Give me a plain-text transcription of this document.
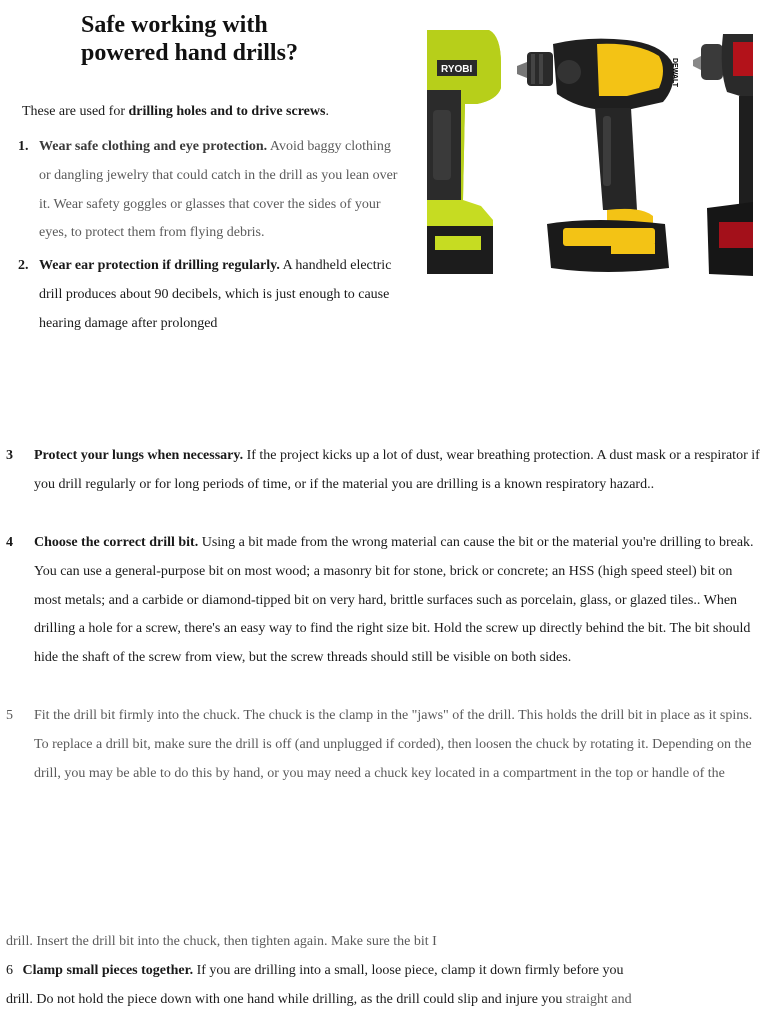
Safe working with
powered hand drills?
These are used for drilling holes and to drive screws.
1. Wear safe clothing and eye protection. Avoid baggy clothing or dangling jewelry that could catch in the drill as you lean over it. Wear safety goggles or glasses that cover the sides of your eyes, to protect them from flying debris.
2. Wear ear protection if drilling regularly. A handheld electric drill produces about 90 decibels, which is just enough to cause hearing damage after prolonged
RYOBI	DEWALT
3 Protect your lungs when necessary. If the project kicks up a lot of dust, wear breathing protection. A dust mask or a respirator if you drill regularly or for long periods of time, or if the material you are drilling is a known respiratory hazard..
4 Choose the correct drill bit. Using a bit made from the wrong material can cause the bit or the material you're drilling to break. You can use a general-purpose bit on most wood; a masonry bit for stone, brick or concrete; an HSS (high speed steel) bit on most metals; and a carbide or diamond-tipped bit on very hard, brittle surfaces such as porcelain, glass, or glazed tiles.. When drilling a hole for a screw, there's an easy way to find the right size bit. Hold the screw up directly behind the bit. The bit should hide the shaft of the screw from view, but the screw threads should still be visible on both sides.
5 Fit the drill bit firmly into the chuck. The chuck is the clamp in the "jaws" of the drill. This holds the drill bit in place as it spins. To replace a drill bit, make sure the drill is off (and unplugged if corded), then loosen the chuck by rotating it. Depending on the drill, you may be able to do this by hand, or you may need a chuck key located in a compartment in the top or handle of the
drill. Insert the drill bit into the chuck, then tighten again. Make sure the bit I
6 Clamp small pieces together. If you are drilling into a small, loose piece, clamp it down firmly before you
drill. Do not hold the piece down with one hand while drilling, as the drill could slip and injure you straight and
